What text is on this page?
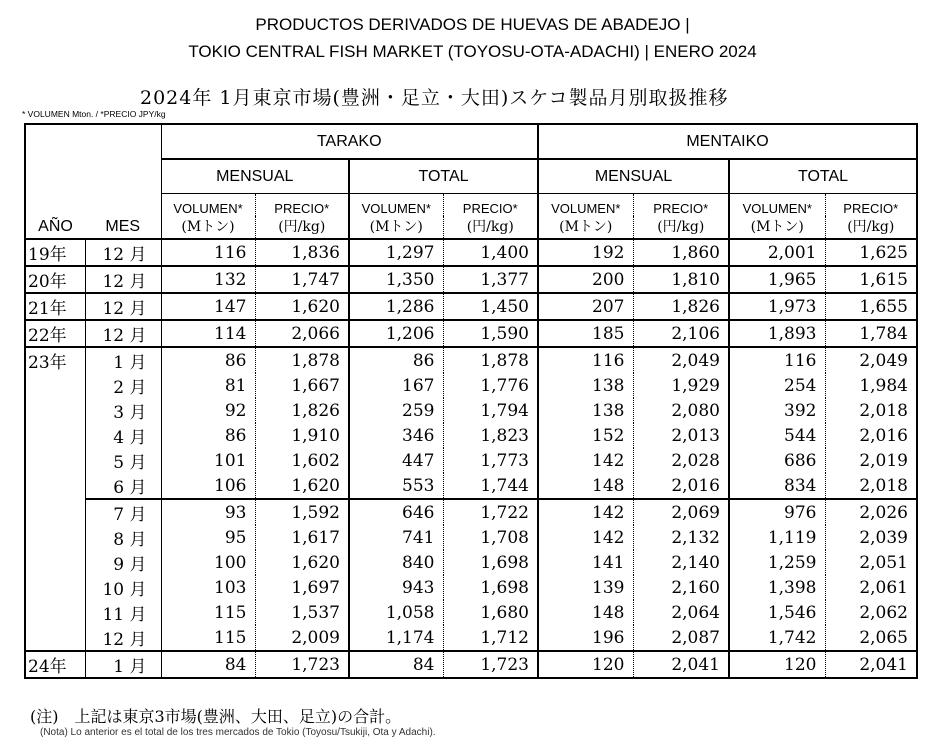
PRODUCTOS DERIVADOS DE HUEVAS DE ABADEJO |
TOKIO CENTRAL FISH MARKET (TOYOSU-OTA-ADACHI) | ENERO 2024
2024年 1月東京市場(豊洲・足立・大田)スケコ製品月別取扱推移
* VOLUMEN Mton. / *PRECIO JPY/kg
AÑO	MES	TARAKO				MENTAIKO			
		MENSUAL		TOTAL		MENSUAL		TOTAL	
		VOLUMEN*	PRECIO*	VOLUMEN*	PRECIO*	VOLUMEN*	PRECIO*	VOLUMEN*	PRECIO*
		(Mトン)	(円/kg)	(Mトン)	(円/kg)	(Mトン)	(円/kg)	(Mトン)	(円/kg)
19年	12 月	116	1,836	1,297	1,400	192	1,860	2,001	1,625
20年	12 月	132	1,747	1,350	1,377	200	1,810	1,965	1,615
21年	12 月	147	1,620	1,286	1,450	207	1,826	1,973	1,655
22年	12 月	114	2,066	1,206	1,590	185	2,106	1,893	1,784
23年	1 月	86	1,878	86	1,878	116	2,049	116	2,049
	2 月	81	1,667	167	1,776	138	1,929	254	1,984
	3 月	92	1,826	259	1,794	138	2,080	392	2,018
	4 月	86	1,910	346	1,823	152	2,013	544	2,016
	5 月	101	1,602	447	1,773	142	2,028	686	2,019
	6 月	106	1,620	553	1,744	148	2,016	834	2,018
	7 月	93	1,592	646	1,722	142	2,069	976	2,026
	8 月	95	1,617	741	1,708	142	2,132	1,119	2,039
	9 月	100	1,620	840	1,698	141	2,140	1,259	2,051
	10 月	103	1,697	943	1,698	139	2,160	1,398	2,061
	11 月	115	1,537	1,058	1,680	148	2,064	1,546	2,062
	12 月	115	2,009	1,174	1,712	196	2,087	1,742	2,065
24年	1 月	84	1,723	84	1,723	120	2,041	120	2,041
(注)　上記は東京3市場(豊洲、大田、足立)の合計。
(Nota) Lo anterior es el total de los tres mercados de Tokio (Toyosu/Tsukiji, Ota y Adachi).
